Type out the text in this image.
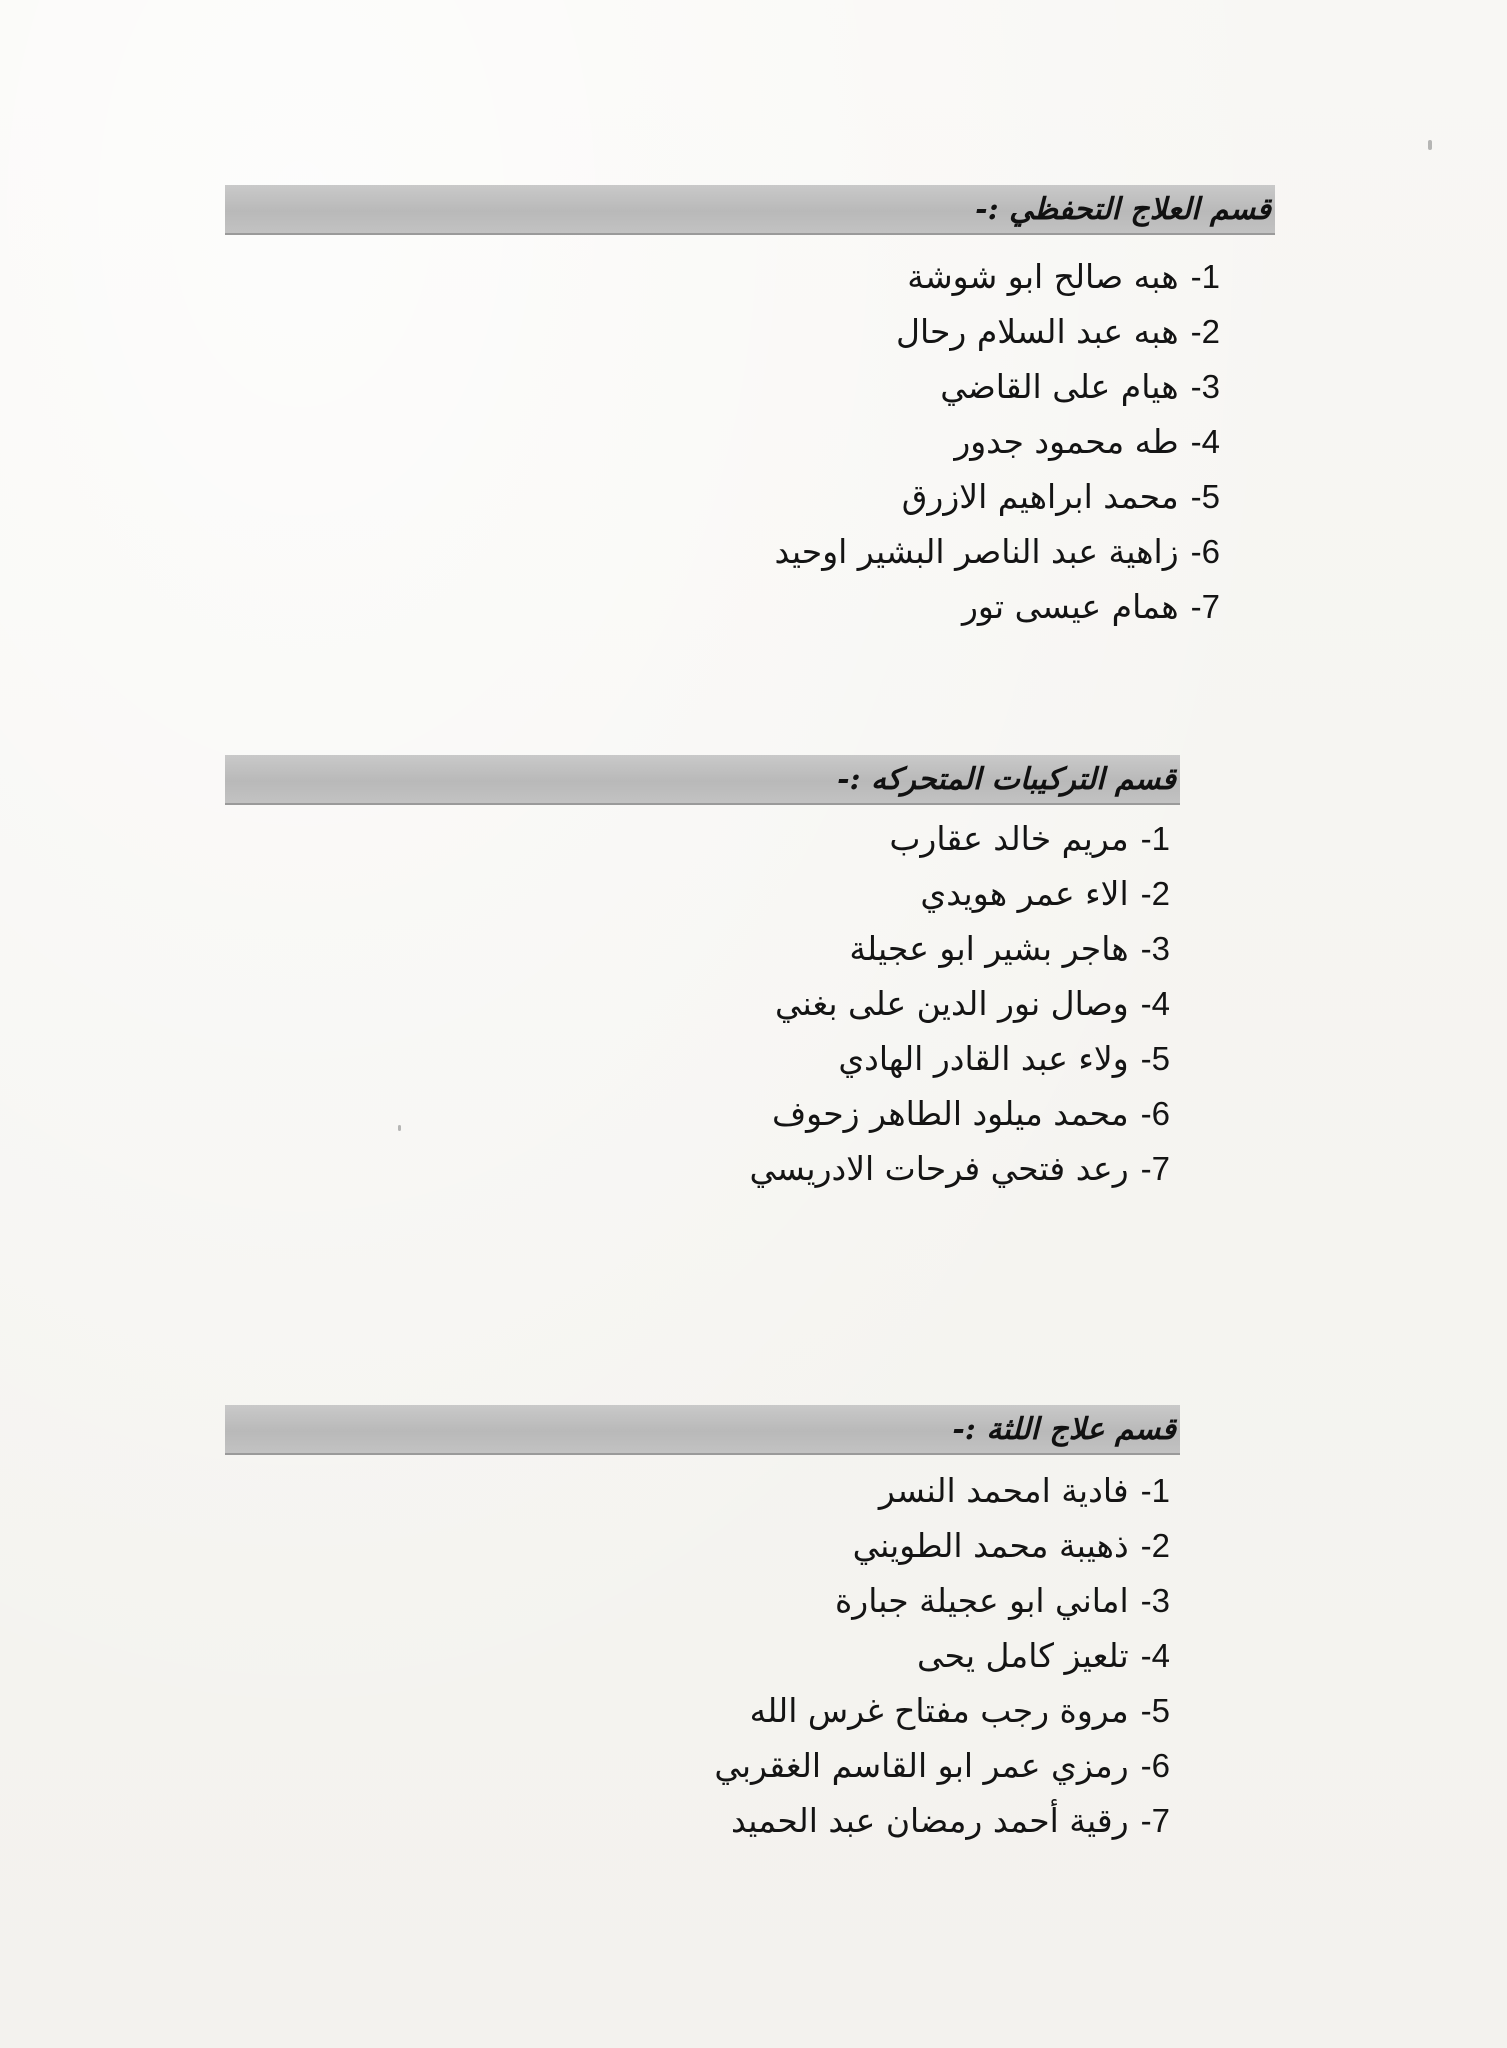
قسم العلاج التحفظي :-
-1
هبه صالح ابو شوشة
-2
هبه عبد السلام رحال
-3
هيام على القاضي
-4
طه محمود جدور
-5
محمد ابراهيم الازرق
-6
زاهية عبد الناصر البشير اوحيد
-7
همام عيسى تور
قسم التركيبات المتحركه :-
-1
مريم خالد عقارب
-2
الاء عمر هويدي
-3
هاجر بشير ابو عجيلة
-4
وصال نور الدين على بغني
-5
ولاء عبد القادر الهادي
-6
محمد ميلود الطاهر زحوف
-7
رعد فتحي فرحات الادريسي
قسم علاج اللثة :-
-1
فادية امحمد النسر
-2
ذهيبة محمد الطويني
-3
اماني ابو عجيلة جبارة
-4
تلعيز كامل يحى
-5
مروة رجب مفتاح غرس الله
-6
رمزي عمر ابو القاسم الغقربي
-7
رقية أحمد رمضان عبد الحميد
